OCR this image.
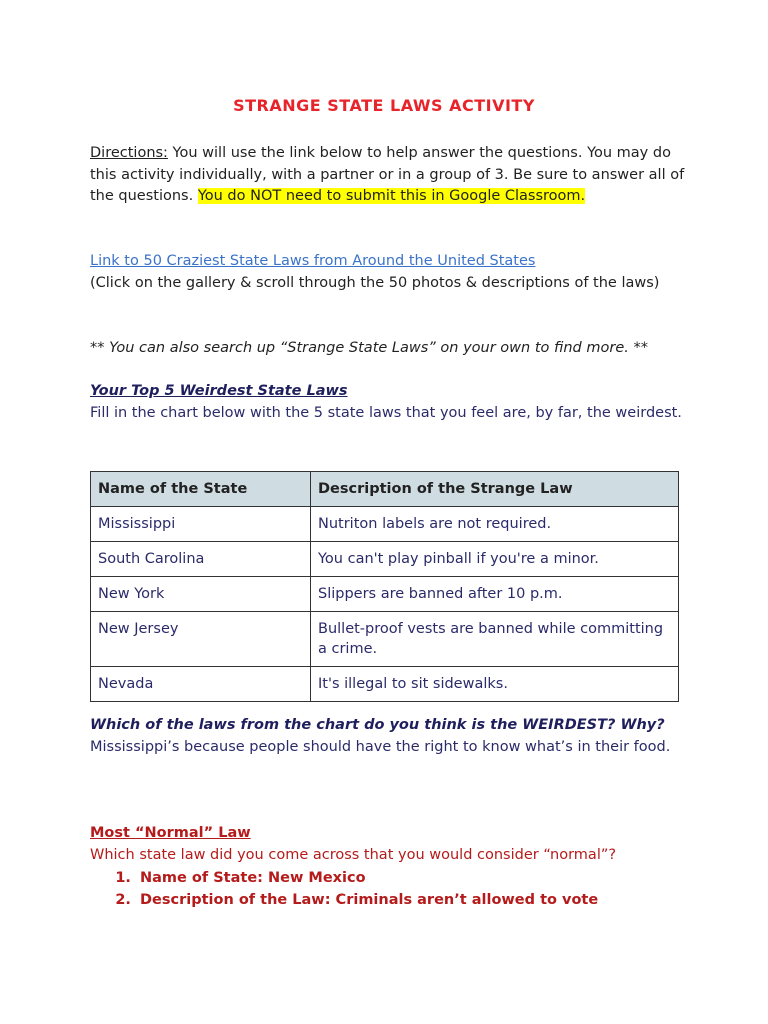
STRANGE STATE LAWS ACTIVITY
Directions: You will use the link below to help answer the questions. You may do this activity individually, with a partner or in a group of 3. Be sure to answer all of the questions. You do NOT need to submit this in Google Classroom.
Link to 50 Craziest State Laws from Around the United States
(Click on the gallery & scroll through the 50 photos & descriptions of the laws)
** You can also search up “Strange State Laws” on your own to find more. **
Your Top 5 Weirdest State Laws
Fill in the chart below with the 5 state laws that you feel are, by far, the weirdest.
Name of the State	Description of the Strange Law
Mississippi	Nutriton labels are not required.
South Carolina	You can't play pinball if you're a minor.
New York	Slippers are banned after 10 p.m.
New Jersey	Bullet-proof vests are banned while committing a crime.
Nevada	It's illegal to sit sidewalks.
Which of the laws from the chart do you think is the WEIRDEST? Why?
Mississippi’s because people should have the right to know what’s in their food.
Most “Normal” Law
Which state law did you come across that you would consider “normal”?
1. Name of State: New Mexico
2. Description of the Law: Criminals aren’t allowed to vote
